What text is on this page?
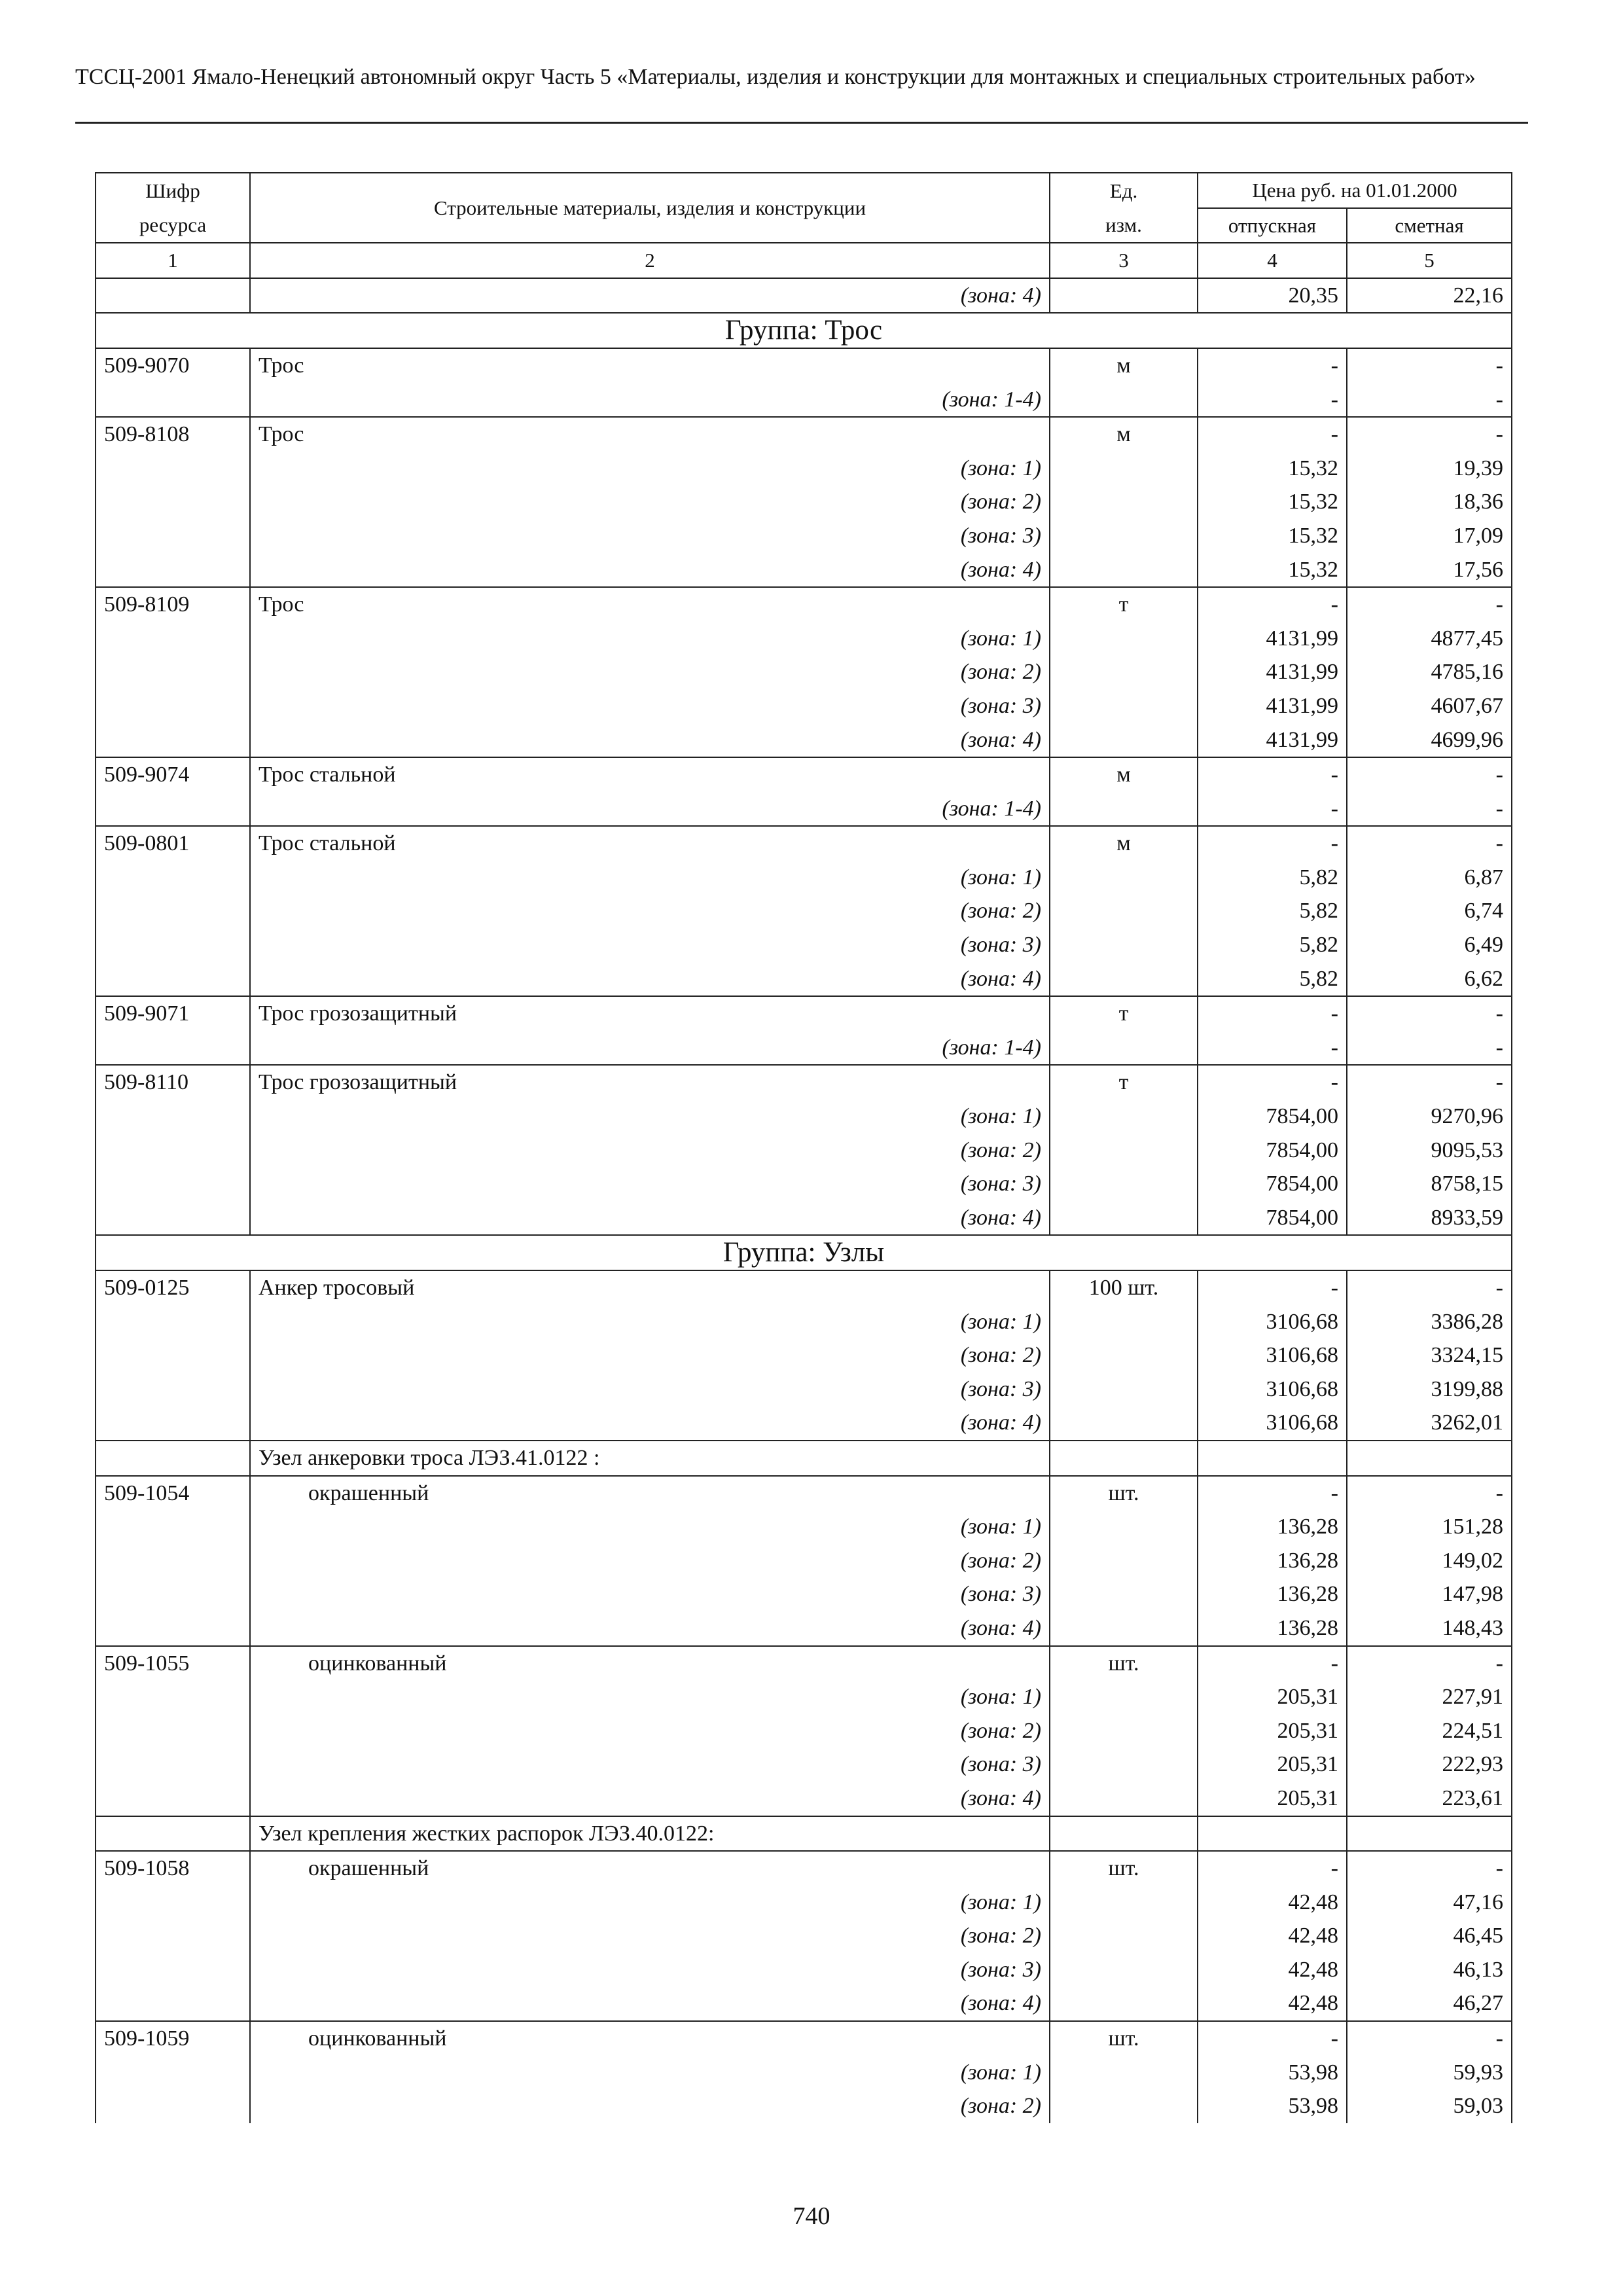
ТССЦ-2001 Ямало-Ненецкий автономный округ Часть 5 «Материалы, изделия и конструкции для монтажных и специальных строительных работ»
Шифр ресурса	Строительные материалы, изделия и конструкции	Ед. изм.	Цена руб. на 01.01.2000	
			отпускная	сметная
1	2	3	4	5
	(зона: 4)		20,35	22,16
Группа: Трос				
509-9070	Трос	м	-	-
	(зона: 1-4)		-	-
509-8108	Трос	м	-	-
	(зона: 1)		15,32	19,39
	(зона: 2)		15,32	18,36
	(зона: 3)		15,32	17,09
	(зона: 4)		15,32	17,56
509-8109	Трос	т	-	-
	(зона: 1)		4131,99	4877,45
	(зона: 2)		4131,99	4785,16
	(зона: 3)		4131,99	4607,67
	(зона: 4)		4131,99	4699,96
509-9074	Трос стальной	м	-	-
	(зона: 1-4)		-	-
509-0801	Трос стальной	м	-	-
	(зона: 1)		5,82	6,87
	(зона: 2)		5,82	6,74
	(зона: 3)		5,82	6,49
	(зона: 4)		5,82	6,62
509-9071	Трос грозозащитный	т	-	-
	(зона: 1-4)		-	-
509-8110	Трос грозозащитный	т	-	-
	(зона: 1)		7854,00	9270,96
	(зона: 2)		7854,00	9095,53
	(зона: 3)		7854,00	8758,15
	(зона: 4)		7854,00	8933,59
Группа: Узлы				
509-0125	Анкер тросовый	100 шт.	-	-
	(зона: 1)		3106,68	3386,28
	(зона: 2)		3106,68	3324,15
	(зона: 3)		3106,68	3199,88
	(зона: 4)		3106,68	3262,01
	Узел анкеровки троса ЛЭЗ.41.0122 :			
509-1054	окрашенный	шт.	-	-
	(зона: 1)		136,28	151,28
	(зона: 2)		136,28	149,02
	(зона: 3)		136,28	147,98
	(зона: 4)		136,28	148,43
509-1055	оцинкованный	шт.	-	-
	(зона: 1)		205,31	227,91
	(зона: 2)		205,31	224,51
	(зона: 3)		205,31	222,93
	(зона: 4)		205,31	223,61
	Узел крепления жестких распорок ЛЭЗ.40.0122:			
509-1058	окрашенный	шт.	-	-
	(зона: 1)		42,48	47,16
	(зона: 2)		42,48	46,45
	(зона: 3)		42,48	46,13
	(зона: 4)		42,48	46,27
509-1059	оцинкованный	шт.	-	-
	(зона: 1)		53,98	59,93
	(зона: 2)		53,98	59,03
740
